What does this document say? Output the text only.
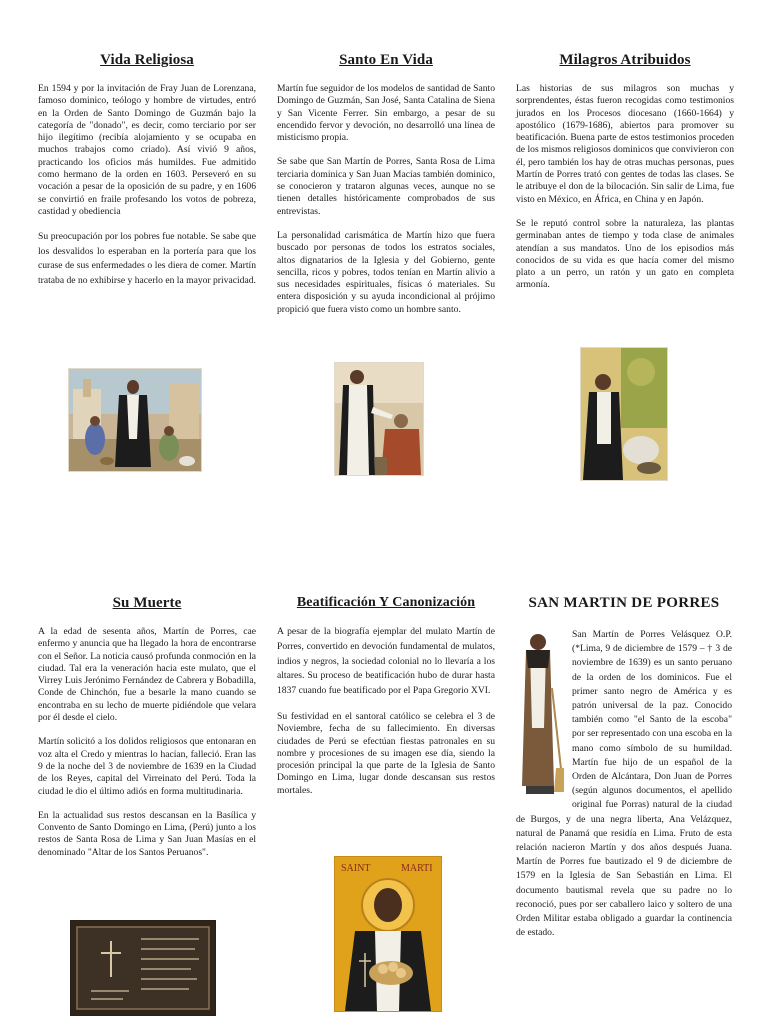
Vida Religiosa

En 1594 y por la invitación de Fray Juan de Lorenzana, famoso dominico, teólogo y hombre de virtudes, entró en la Orden de Santo Domingo de Guzmán bajo la categoría de "donado", es decir, como terciario por ser hijo ilegítimo (recibía alojamiento y se ocupaba en muchos trabajos como criado). Así vivió 9 años, practicando los oficios más humildes. Fue admitido como hermano de la orden en 1603. Perseveró en su vocación a pesar de la oposición de su padre, y en 1606 se convirtió en fraile profesando los votos de pobreza, castidad y obediencia

Su preocupación por los pobres fue notable. Se sabe que los desvalidos lo esperaban en la portería para que los curase de sus enfermedades o les diera de comer. Martín trataba de no exhibirse y hacerlo en la mayor privacidad.

Santo En Vida

Martín fue seguidor de los modelos de santidad de Santo Domingo de Guzmán, San José, Santa Catalina de Siena y San Vicente Ferrer. Sin embargo, a pesar de su encendido fervor y devoción, no desarrolló una línea de misticismo propia.

Se sabe que San Martín de Porres, Santa Rosa de Lima terciaria dominica y San Juan Macías también dominico, se conocieron y trataron algunas veces, aunque no se tienen detalles históricamente comprobados de sus entrevistas.

La personalidad carismática de Martín hizo que fuera buscado por personas de todos los estratos sociales, altos dignatarios de la Iglesia y del Gobierno, gente sencilla, ricos y pobres, todos tenían en Martín alivio a sus necesidades espirituales, físicas ó materiales. Su entera disposición y su ayuda incondicional al prójimo propició que fuera visto como un hombre santo.

Milagros Atribuidos

Las historias de sus milagros son muchas y sorprendentes, éstas fueron recogidas como testimonios jurados en los Procesos diocesano (1660-1664) y apostólico (1679-1686), abiertos para promover su beatificación. Buena parte de estos testimonios proceden de los mismos religiosos dominicos que convivieron con él, pero también los hay de otras muchas personas, pues Martín de Porres trató con gentes de todas las clases. Se le atribuye el don de la bilocación. Sin salir de Lima, fue visto en México, en África, en China y en Japón.

Se le reputó control sobre la naturaleza, las plantas germinaban antes de tiempo y toda clase de animales atendían a sus mandatos. Uno de los episodios más conocidos de su vida es que hacía comer del mismo plato a un perro, un ratón y un gato en completa armonía.

Su Muerte

A la edad de sesenta años, Martín de Porres, cae enfermo y anuncia que ha llegado la hora de encontrarse con el Señor. La noticia causó profunda conmoción en la ciudad. Tal era la veneración hacia este mulato, que el Virrey Luis Jerónimo Fernández de Cabrera y Bobadilla, Conde de Chinchón, fue a besarle la mano cuando se encontraba en su lecho de muerte pidiéndole que velara por él desde el cielo.

Martín solicitó a los dolidos religiosos que entonaran en voz alta el Credo y mientras lo hacían, falleció. Eran las 9 de la noche del 3 de noviembre de 1639 en la Ciudad de los Reyes, capital del Virreinato del Perú. Toda la ciudad le dio el último adiós en forma multitudinaria.

En la actualidad sus restos descansan en la Basílica y Convento de Santo Domingo en Lima, (Perú) junto a los restos de Santa Rosa de Lima y San Juan Masías en el denominado "Altar de los Santos Peruanos".

Beatificación Y Canonización

A pesar de la biografía ejemplar del mulato Martín de Porres, convertido en devoción fundamental de mulatos, indios y negros, la sociedad colonial no lo llevaría a los altares. Su proceso de beatificación hubo de durar hasta 1837 cuando fue beatificado por el Papa Gregorio XVI.

Su festividad en el santoral católico se celebra el 3 de Noviembre, fecha de su fallecimiento. En diversas ciudades de Perú se efectúan fiestas patronales en su nombre y procesiones de su imagen ese día, siendo la procesión principal la que parte de la Iglesia de Santo Domingo en Lima, lugar donde descansan sus restos mortales.

SAN MARTIN DE PORRES

San Martín de Porres Velásquez O.P. (*Lima, 9 de diciembre de 1579 – † 3 de noviembre de 1639) es un santo peruano de la orden de los dominicos. Fue el primer santo negro de América y es patrón universal de la paz. Conocido también como "el Santo de la escoba" por ser representado con una escoba en la mano como símbolo de su humildad. Martín fue hijo de un español de la Orden de Alcántara, Don Juan de Porres (según algunos documentos, el apellido original fue Porras) natural de la ciudad de Burgos, y de una negra liberta, Ana Velázquez, natural de Panamá que residía en Lima. Fruto de esta relación nacieron Martín y dos años después Juana. Martín de Porres fue bautizado el 9 de diciembre de 1579 en la Iglesia de San Sebastián en Lima. El documento bautismal revela que su padre no lo reconoció, pues por ser caballero laico y soltero de una Orden Militar estaba obligado a guardar la continencia de estado.

SAINT	MARTI
